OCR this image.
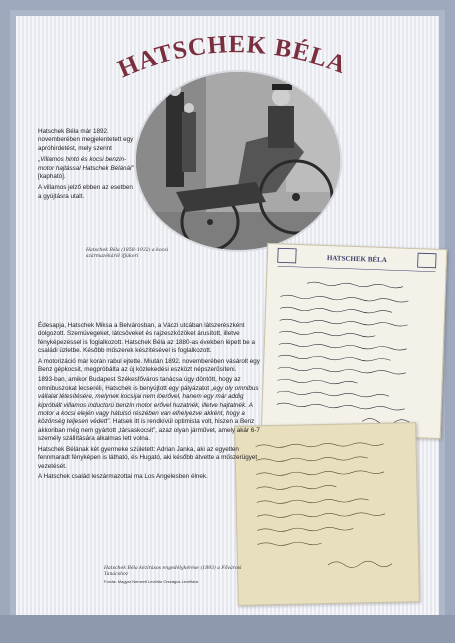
HATSCHEK BÉLA

Hatschek Béla már 1892. novemberében megjelentetett egy apróhirdetést, mely szerint

„Villamos hintó és kocsi benzin-motor hajtással Hatschek Bélánál”

[kapható].

A villamos jelző ebben az esetben a gyújtásra utalt.

Hatschek Béla (1858–1932) a kocsi származékáról ifjúkori	HATSCHEK BÉLA

Édesapja, Hatschek Miksa a Belvárosban, a Váczi utcában látszerészként dolgozott. Szemüvegeket, látcsöveket és rajzeszközöket árusított, illetve fényképezéssel is foglalkozott. Hatschek Béla az 1880-as években lépett be a családi üzletbe. Később műszerek készítésével is foglalkozott.

A motorizáció már korán rabul ejtette. Miután 1892. novemberében vásárolt egy Benz gépkocsit, megpróbálta az új közlekedési eszközt népszerűsíteni.

1893-ban, amikor Budapest Székesfőváros tanácsa úgy döntött, hogy az omnibuszokat lecseréli, Hatschek is benyújtott egy pályázatot „egy oly omnibus vállalat létesítésére, melynek kocsijai nem lóerővel, hanem egy már addig kipróbált villamos inductorú benzin motor erővel huzatnék, illetve hajtatnék. A motor a kocsi elején vagy hátulsó részében van elhelyezve akként, hogy a közönség teljesen védett”. Hatsek itt is rendkívül optimista volt, hiszen a Benz akkoriban még nem gyártott „társaskocsit”, azaz olyan járművet, amely akár 6-7 személy szállítására alkalmas lett volna.

Hatschek Bélának két gyermeke született: Adrian Janka, aki az egyetlen fennmaradt fényképen is látható, és Hugató, aki később átvette a műszerügyet vezetését.

A Hatschek család leszármazottai ma Los Angelesben élnek.

Hatschek Béla kézírásos engedélykérése (1893) a Fővárosi Tanácshoz
Forrás: Magyar Nemzeti Levéltár Országos Levéltára
